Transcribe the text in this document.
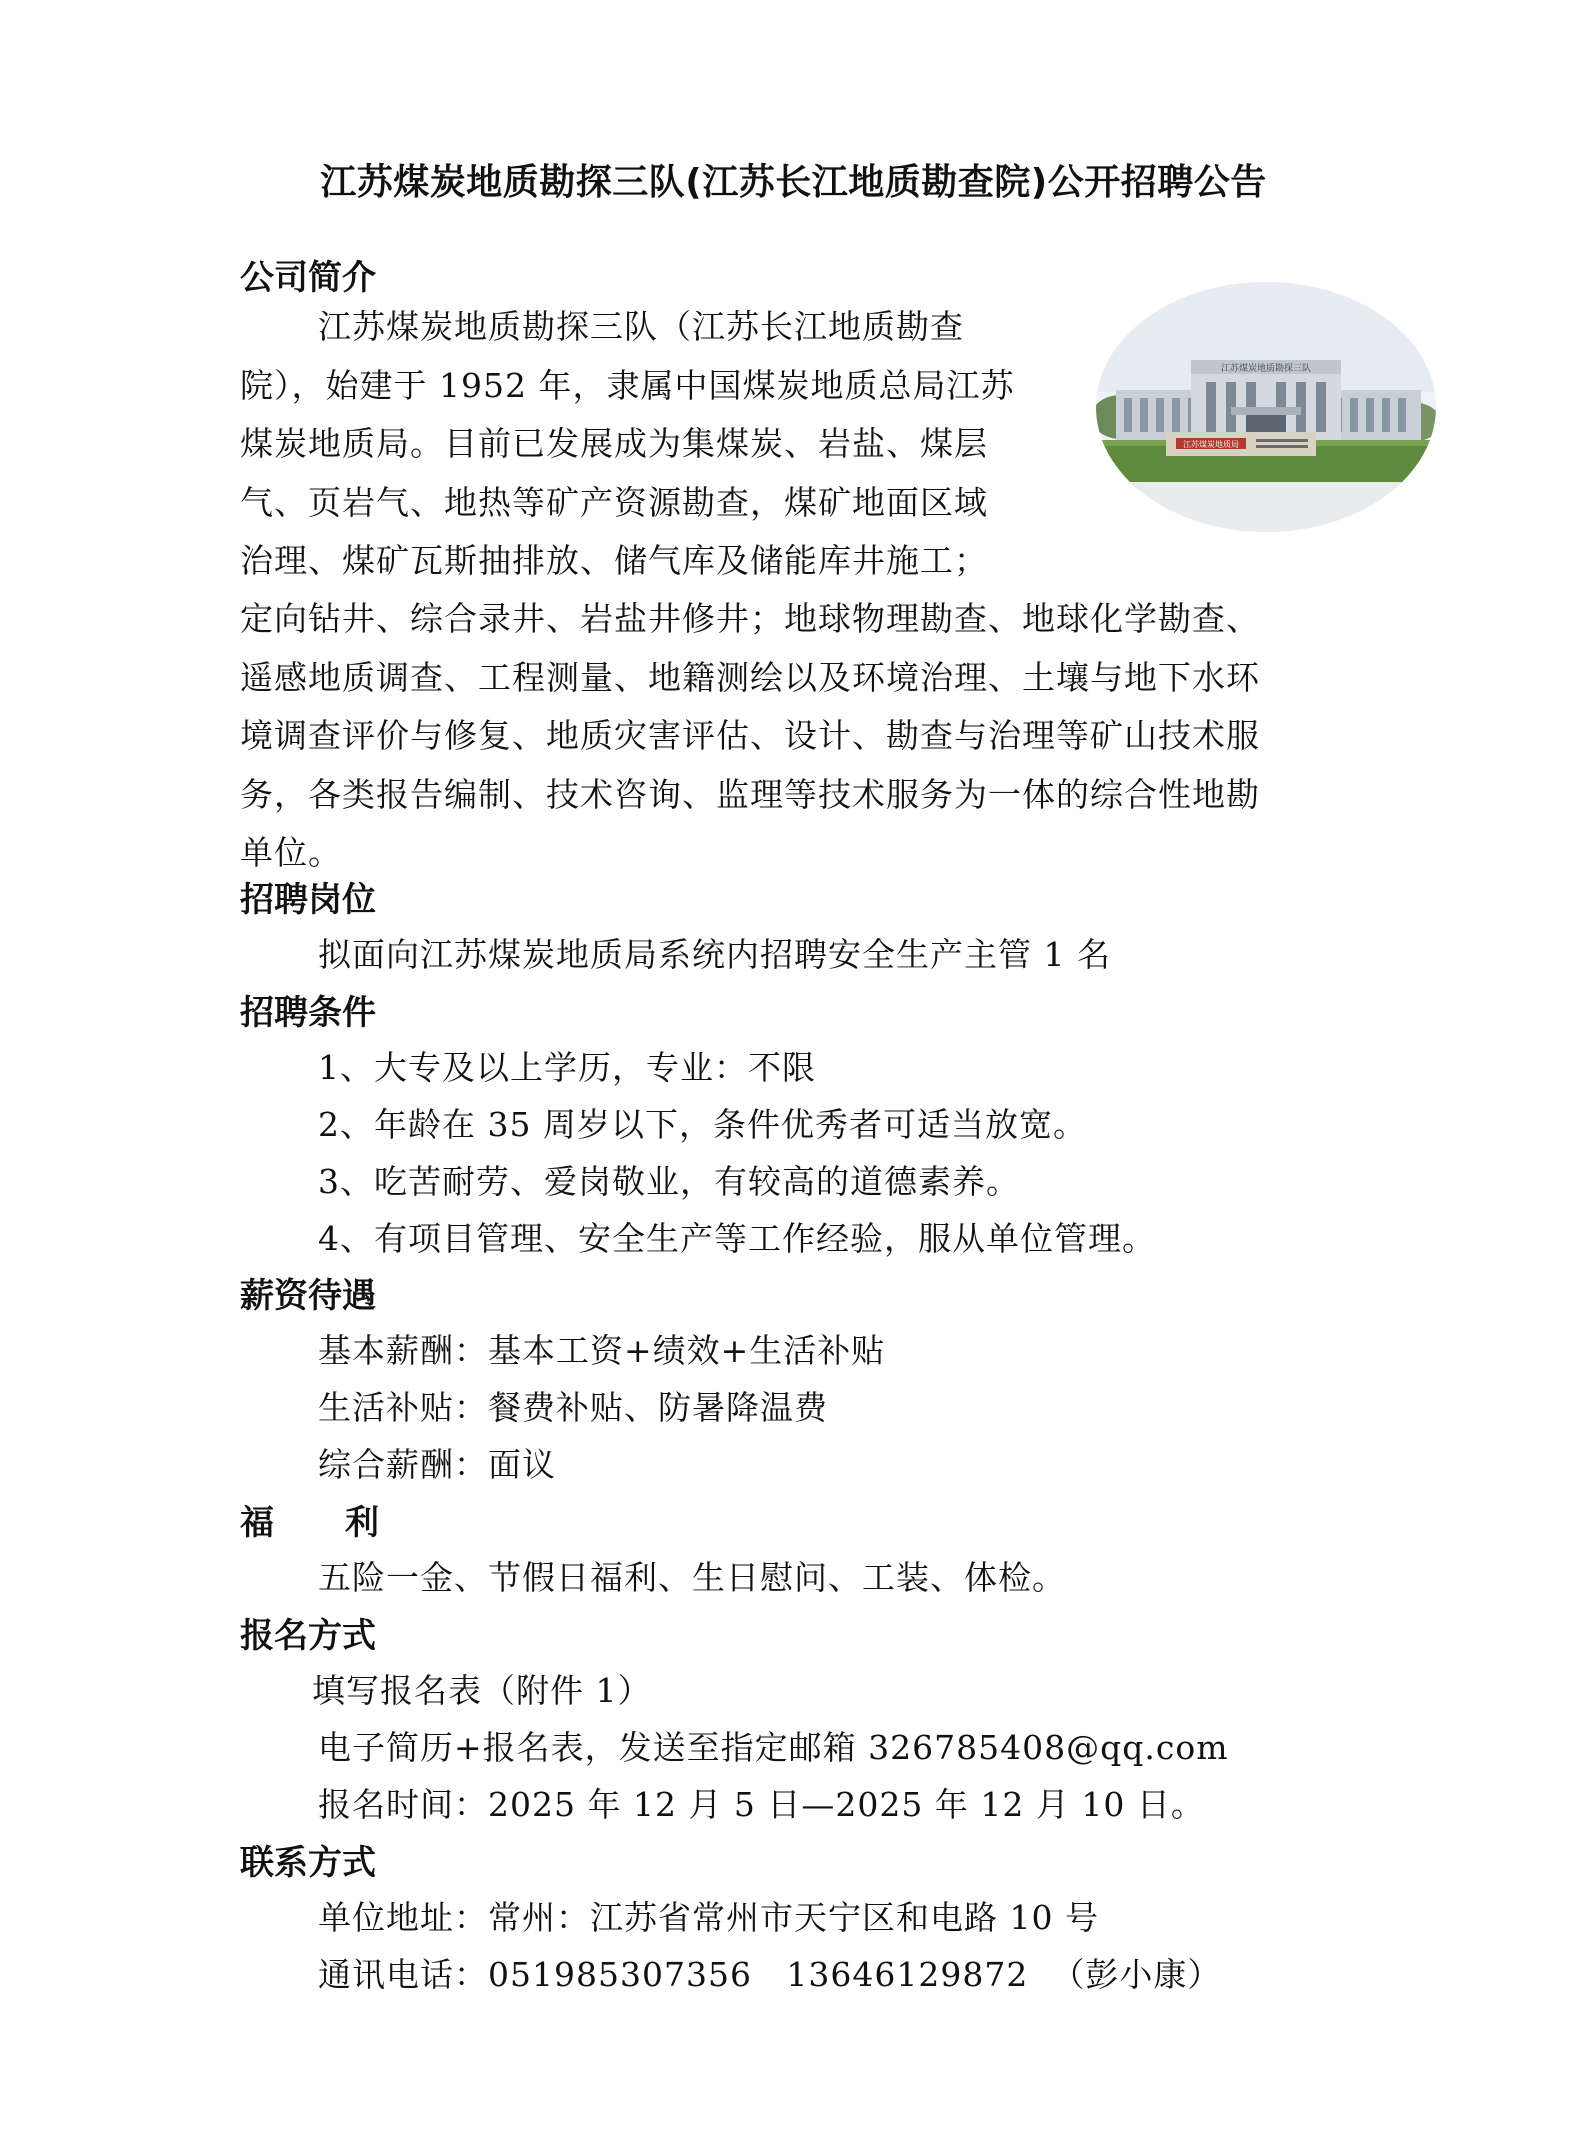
江苏煤炭地质勘探三队(江苏长江地质勘查院)公开招聘公告
公司简介

江苏煤炭地质勘探三队（江苏长江地质勘查

院），始建于 1952 年，隶属中国煤炭地质总局江苏

煤炭地质局。目前已发展成为集煤炭、岩盐、煤层

气、页岩气、地热等矿产资源勘查，煤矿地面区域

治理、煤矿瓦斯抽排放、储气库及储能库井施工；

江苏煤炭地质勘探三队
江苏煤炭地质局

定向钻井、综合录井、岩盐井修井；地球物理勘查、地球化学勘查、

遥感地质调查、工程测量、地籍测绘以及环境治理、土壤与地下水环

境调查评价与修复、地质灾害评估、设计、勘查与治理等矿山技术服

务，各类报告编制、技术咨询、监理等技术服务为一体的综合性地勘

单位。

招聘岗位
拟面向江苏煤炭地质局系统内招聘安全生产主管 1 名
招聘条件
1、大专及以上学历，专业：不限
2、年龄在 35 周岁以下，条件优秀者可适当放宽。
3、吃苦耐劳、爱岗敬业，有较高的道德素养。
4、有项目管理、安全生产等工作经验，服从单位管理。
薪资待遇
基本薪酬：基本工资+绩效+生活补贴
生活补贴：餐费补贴、防暑降温费
综合薪酬：面议
福      利
五险一金、节假日福利、生日慰问、工装、体检。
报名方式
填写报名表（附件 1）
电子简历+报名表，发送至指定邮箱 326785408@qq.com
报名时间：2025 年 12 月 5 日—2025 年 12 月 10 日。
联系方式
单位地址：常州：江苏省常州市天宁区和电路 10 号
通讯电话：051985307356   13646129872  （彭小康）
